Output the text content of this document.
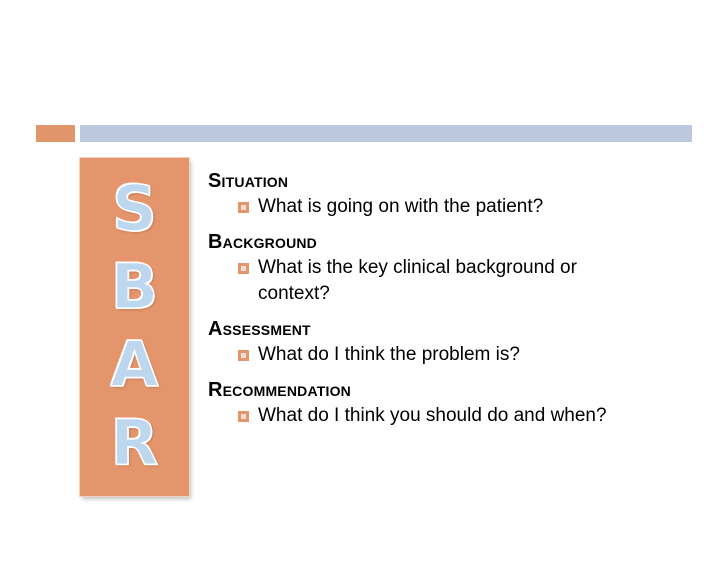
S
B
A
R
Situation
What is going on with the patient?
Background
What is the key clinical background or
context?
Assessment
What do I think the problem is?
Recommendation
What do I think you should do and when?
